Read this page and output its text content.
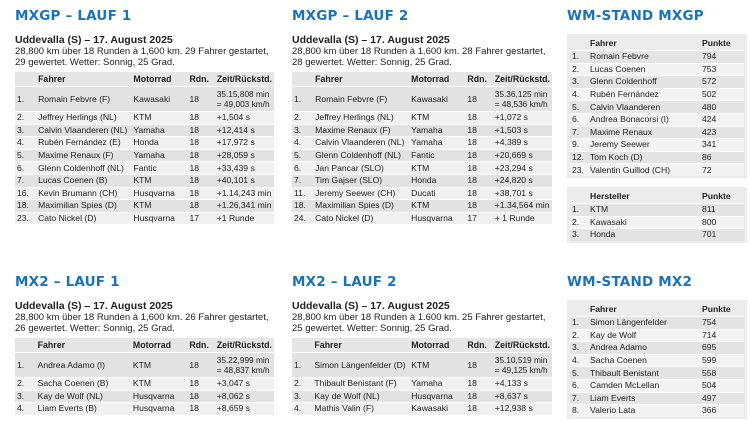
MXGP – LAUF 1
Uddevalla (S) – 17. August 2025
28,800 km über 18 Runden à 1,600 km. 29 Fahrer gestartet, 29 gewertet. Wetter: Sonnig, 25 Grad.
	Fahrer	Motorrad	Rdn.	Zeit/Rückstd.
1.	Romain Febvre (F)	Kawasaki	18	35.15,808 min
= 49,003 km/h

2.	Jeffrey Herlings (NL)	KTM	18	+1,504 s

3.	Calvin Vlaanderen (NL)	Yamaha	18	+12,414 s

4.	Rubén Fernández (E)	Honda	18	+17,972 s

5.	Maxime Renaux (F)	Yamaha	18	+28,059 s

6.	Glenn Coldenhoff (NL)	Fantic	18	+33,439 s

7.	Lucas Coenen (B)	KTM	18	+40,101 s

16.	Kevin Brumann (CH)	Husqvarna	18	+1.14,243 min

18.	Maximilian Spies (D)	KTM	18	+1.26,341 min

23.	Cato Nickel (D)	Husqvarna	17	+1 Runde
MXGP – LAUF 2
Uddevalla (S) – 17. August 2025
28,800 km über 18 Runden à 1.600 km. 28 Fahrer gestartet, 28 gewertet. Wetter: Sonnig, 25 Grad.
	Fahrer	Motorrad	Rdn.	Zeit/Rückstd.
1.	Romain Febvre (F)	Kawasaki	18	35.36,125 min
= 48,536 km/h

2.	Jeffrey Herlings (NL)	KTM	18	+1,072 s

3.	Maxime Renaux (F)	Yamaha	18	+1,503 s

4.	Calvin Vlaanderen (NL)	Yamaha	18	+4,389 s

5.	Glenn Coldenhoff (NL)	Fantic	18	+20,669 s

6.	Jan Pancar (SLO)	KTM	18	+23,294 s

7.	Tim Gajser (SLO)	Honda	18	+24,820 s

11.	Jeremy Seewer (CH)	Ducati	18	+38,701 s

18.	Maximilian Spies (D)	KTM	18	+1.34,564 min

24.	Cato Nickel (D)	Husqvarna	17	+ 1 Runde
WM-STAND MXGP
	Fahrer	Punkte
1.	Romain Febvre	794
2.	Lucas Coenen	753
3.	Glenn Coldenhoff	572
4.	Rubén Fernández	502
5.	Calvin Vlaanderen	480
6.	Andrea Bonacorsi (I)	424
7.	Maxime Renaux	423
9.	Jeremy Seewer	341
12.	Tom Koch (D)	86
23.	Valentin Guillod (CH)	72
	Hersteller	Punkte
1.	KTM	811
2.	Kawasaki	800
3.	Honda	701
MX2 – LAUF 1
Uddevalla (S) – 17. August 2025
28,800 km über 18 Runden à 1,600 km. 26 Fahrer gestartet, 26 gewertet. Wetter: Sonnig, 25 Grad.
	Fahrer	Motorrad	Rdn.	Zeit/Rückstd.
1.	Andrea Adamo (I)	KTM	18	35.22,999 min
= 48,837 km/h

2.	Sacha Coenen (B)	KTM	18	+3,047 s

3.	Kay de Wolf (NL)	Husqvarna	18	+8,062 s

4.	Liam Everts (B)	Husqvarna	18	+8,659 s
MX2 – LAUF 2
Uddevalla (S) – 17. August 2025
28,800 km über 18 Runden à 1.600 km. 25 Fahrer gestartet, 25 gewertet. Wetter: Sonnig, 25 Grad.
	Fahrer	Motorrad	Rdn.	Zeit/Rückstd.
1.	Simon Längenfelder (D)	KTM	18	35.10,519 min
= 49,125 km/h

2.	Thibault Benistant (F)	Yamaha	18	+4,133 s

3.	Kay de Wolf (NL)	Husqvarna	18	+8,637 s

4.	Mathis Valin (F)	Kawasaki	18	+12,938 s
WM-STAND MX2
	Fahrer	Punkte
1.	Simon Längenfelder	754
2.	Kay de Wolf	714
3.	Andrea Adamo	695
4.	Sacha Coenen	599
5.	Thibault Benistant	558
6.	Camden McLellan	504
7.	Liam Everts	497
8.	Valerio Lata	366
